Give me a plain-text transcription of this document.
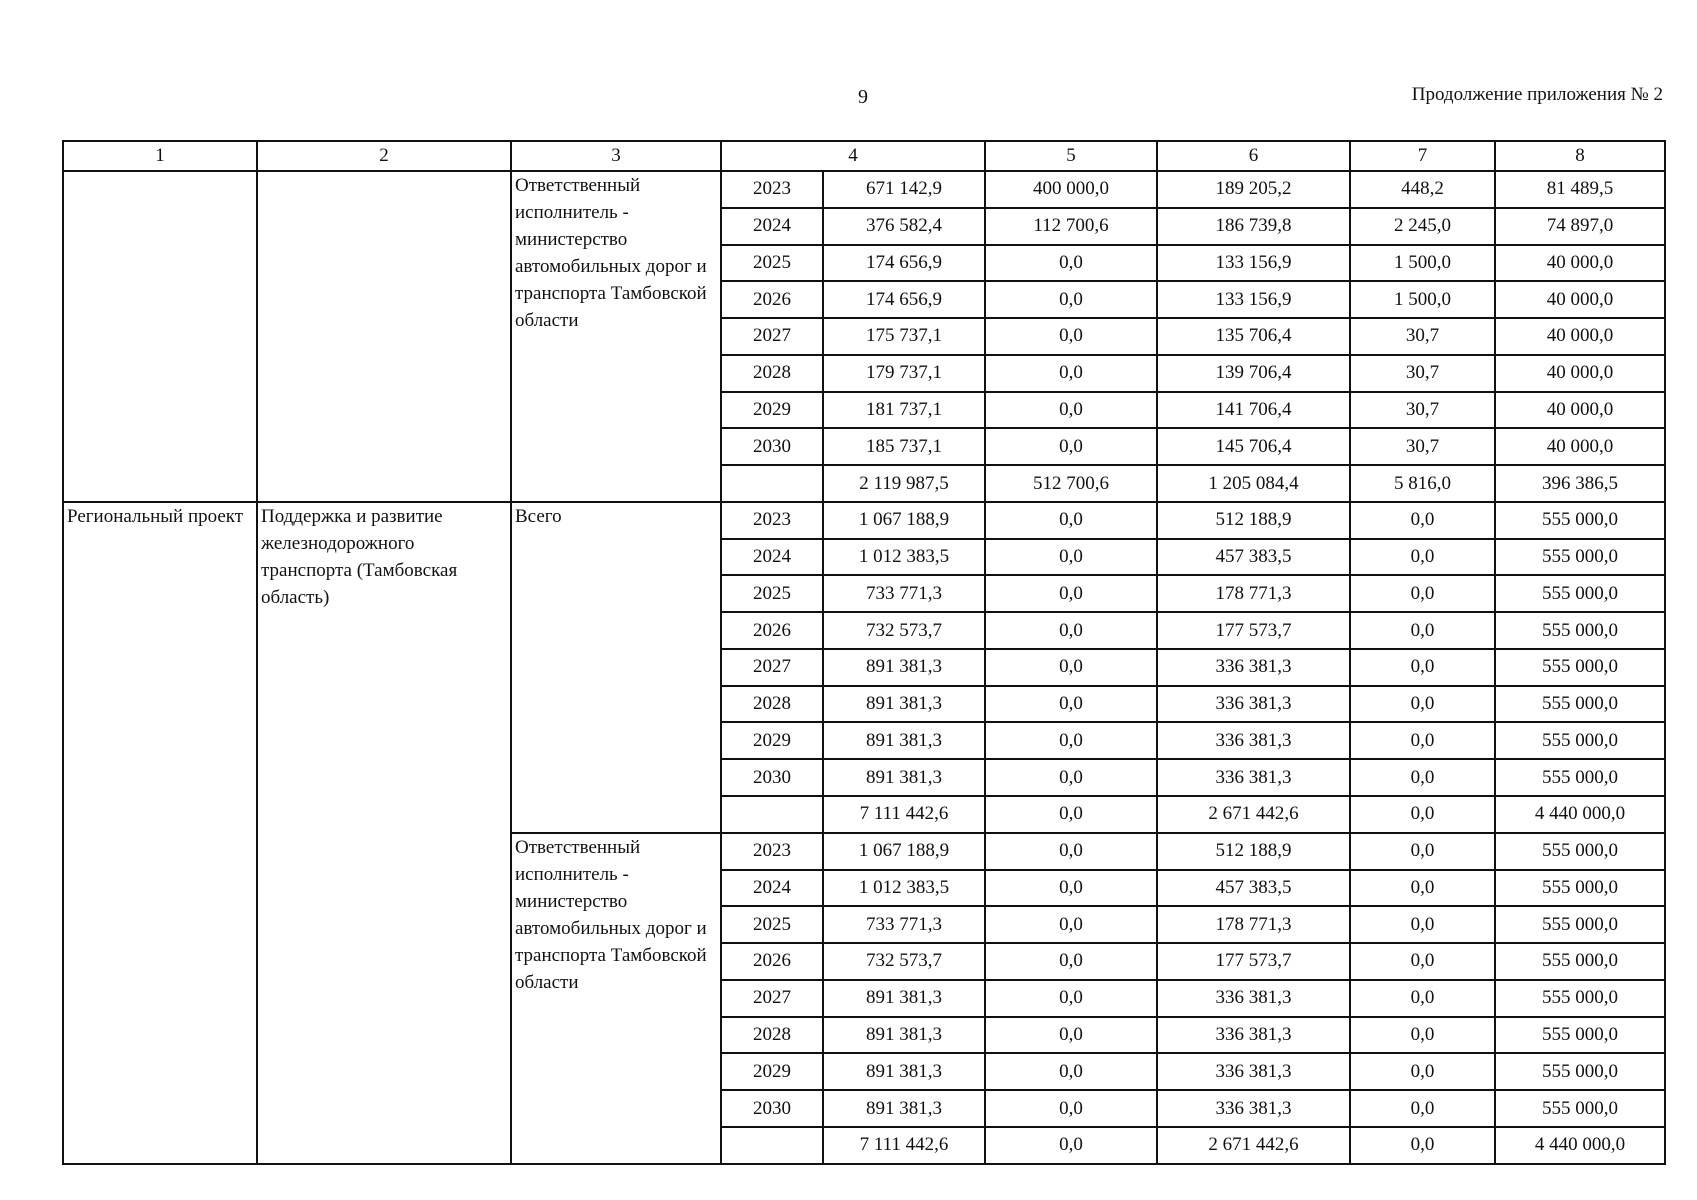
9	Продолжение приложения № 2
1	2	3	4		5	6	7	8
		Ответственный исполнитель - министерство автомобильных дорог и транспорта Тамбовской области	2023	671 142,9	400 000,0	189 205,2	448,2	81 489,5
			2024	376 582,4	112 700,6	186 739,8	2 245,0	74 897,0
			2025	174 656,9	0,0	133 156,9	1 500,0	40 000,0
			2026	174 656,9	0,0	133 156,9	1 500,0	40 000,0
			2027	175 737,1	0,0	135 706,4	30,7	40 000,0
			2028	179 737,1	0,0	139 706,4	30,7	40 000,0
			2029	181 737,1	0,0	141 706,4	30,7	40 000,0
			2030	185 737,1	0,0	145 706,4	30,7	40 000,0
				2 119 987,5	512 700,6	1 205 084,4	5 816,0	396 386,5
Региональный проект	Поддержка и развитие железнодорожного транспорта (Тамбовская область)	Всего	2023	1 067 188,9	0,0	512 188,9	0,0	555 000,0
			2024	1 012 383,5	0,0	457 383,5	0,0	555 000,0
			2025	733 771,3	0,0	178 771,3	0,0	555 000,0
			2026	732 573,7	0,0	177 573,7	0,0	555 000,0
			2027	891 381,3	0,0	336 381,3	0,0	555 000,0
			2028	891 381,3	0,0	336 381,3	0,0	555 000,0
			2029	891 381,3	0,0	336 381,3	0,0	555 000,0
			2030	891 381,3	0,0	336 381,3	0,0	555 000,0
				7 111 442,6	0,0	2 671 442,6	0,0	4 440 000,0
		Ответственный исполнитель - министерство автомобильных дорог и транспорта Тамбовской области	2023	1 067 188,9	0,0	512 188,9	0,0	555 000,0
			2024	1 012 383,5	0,0	457 383,5	0,0	555 000,0
			2025	733 771,3	0,0	178 771,3	0,0	555 000,0
			2026	732 573,7	0,0	177 573,7	0,0	555 000,0
			2027	891 381,3	0,0	336 381,3	0,0	555 000,0
			2028	891 381,3	0,0	336 381,3	0,0	555 000,0
			2029	891 381,3	0,0	336 381,3	0,0	555 000,0
			2030	891 381,3	0,0	336 381,3	0,0	555 000,0
				7 111 442,6	0,0	2 671 442,6	0,0	4 440 000,0
